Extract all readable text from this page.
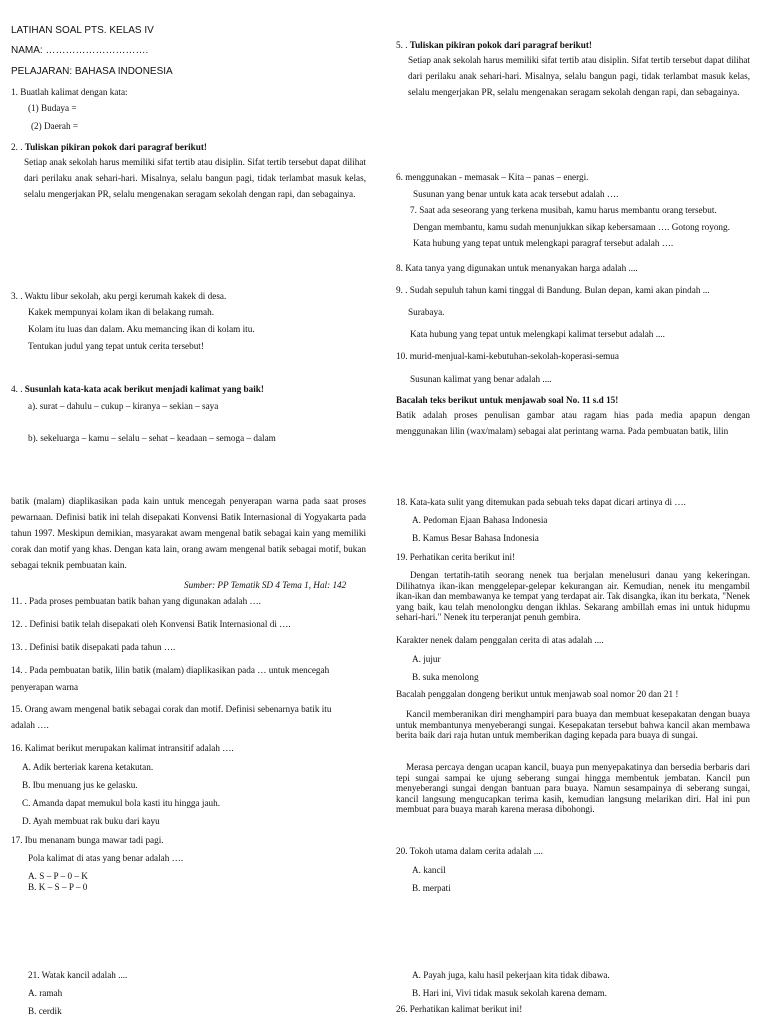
LATIHAN SOAL PTS. KELAS IV
NAMA: ………………………….
PELAJARAN: BAHASA INDONESIA
1. Buatlah kalimat dengan kata:
(1) Budaya =
(2) Daerah =
2. . Tuliskan pikiran pokok dari paragraf berikut!
Setiap anak sekolah harus memiliki sifat tertib atau disiplin. Sifat tertib tersebut dapat dilihat dari perilaku anak sehari-hari. Misalnya, selalu bangun pagi, tidak terlambat masuk kelas, selalu mengerjakan PR, selalu mengenakan seragam sekolah dengan rapi, dan sebagainya.
3. . Waktu libur sekolah, aku pergi kerumah kakek di desa.
Kakek mempunyai kolam ikan di belakang rumah.
Kolam itu luas dan dalam. Aku memancing ikan di kolam itu.
Tentukan judul yang tepat untuk cerita tersebut!
4. . Susunlah kata-kata acak berikut menjadi kalimat yang baik!
a). surat – dahulu – cukup – kiranya – sekian – saya
b). sekeluarga – kamu – selalu – sehat – keadaan – semoga – dalam
5. . Tuliskan pikiran pokok dari paragraf berikut!
Setiap anak sekolah harus memiliki sifat tertib atau disiplin. Sifat tertib tersebut dapat dilihat dari perilaku anak sehari-hari. Misalnya, selalu bangun pagi, tidak terlambat masuk kelas, selalu mengerjakan PR, selalu mengenakan seragam sekolah dengan rapi, dan sebagainya.
6. menggunakan - memasak – Kita – panas – energi.
Susunan yang benar untuk kata acak tersebut adalah ….
7. Saat ada seseorang yang terkena musibah, kamu harus membantu orang tersebut.
Dengan membantu, kamu sudah menunjukkan sikap kebersamaan …. Gotong royong.
Kata hubung yang tepat untuk melengkapi paragraf tersebut adalah ….
8. Kata tanya yang digunakan untuk menanyakan harga adalah ....
9. . Sudah sepuluh tahun kami tinggal di Bandung. Bulan depan, kami akan pindah ...
Surabaya.
Kata hubung yang tepat untuk melengkapi kalimat tersebut adalah ....
10. murid-menjual-kami-kebutuhan-sekolah-koperasi-semua
Susunan kalimat yang benar adalah ....
Bacalah teks berikut untuk menjawab soal No. 11 s.d 15!
Batik adalah proses penulisan gambar atau ragam hias pada media apapun dengan menggunakan lilin (wax/malam) sebagai alat perintang warna. Pada pembuatan batik, lilin
batik (malam) diaplikasikan pada kain untuk mencegah penyerapan warna pada saat proses pewarnaan. Definisi batik ini telah disepakati Konvensi Batik Internasional di Yogyakarta pada tahun 1997. Meskipun demikian, masyarakat awam mengenal batik sebagai kain yang memiliki corak dan motif yang khas. Dengan kata lain, orang awam mengenal batik sebagai motif, bukan sebagai teknik pembuatan kain.
Sumber: PP Tematik SD 4 Tema 1, Hal: 142
11. . Pada proses pembuatan batik bahan yang digunakan adalah ….
12. . Definisi batik telah disepakati oleh Konvensi Batik Internasional di ….
13. . Definisi batik disepakati pada tahun ….
14. . Pada pembuatan batik, lilin batik (malam) diaplikasikan pada … untuk mencegah
penyerapan warna
15. Orang awam mengenal batik sebagai corak dan motif. Definisi sebenarnya batik itu
adalah ….
16. Kalimat berikut merupakan kalimat intransitif adalah ….
A. Adik berteriak karena ketakutan.
B. Ibu menuang jus ke gelasku.
C. Amanda dapat memukul bola kasti itu hingga jauh.
D. Ayah membuat rak buku dari kayu
17. Ibu menanam bunga mawar tadi pagi.
Pola kalimat di atas yang benar adalah ….
A. S – P – 0 – K
B. K – S – P – 0
21. Watak kancil adalah ....
A. ramah
B. cerdik
18. Kata-kata sulit yang ditemukan pada sebuah teks dapat dicari artinya di ….
A. Pedoman Ejaan Bahasa Indonesia
B. Kamus Besar Bahasa Indonesia
19. Perhatikan cerita berikut ini!
Dengan tertatih-tatih seorang nenek tua berjalan menelusuri danau yang kekeringan. Dilihatnya ikan-ikan menggelepar-gelepar kekurangan air. Kemudian, nenek itu mengambil ikan-ikan dan membawanya ke tempat yang terdapat air. Tak disangka, ikan itu berkata, "Nenek yang baik, kau telah menolongku dengan ikhlas. Sekarang ambillah emas ini untuk hidupmu sehari-hari." Nenek itu terperanjat penuh gembira.
Karakter nenek dalam penggalan cerita di atas adalah ....
A. jujur
B. suka menolong
Bacalah penggalan dongeng berikut untuk menjawab soal nomor 20 dan 21 !
Kancil memberanikan diri menghampiri para buaya dan membuat kesepakatan dengan buaya untuk membantunya menyeberangi sungai. Kesepakatan tersebut bahwa kancil akan membawa berita baik dari raja hutan untuk memberikan daging kepada para buaya di sungai.
Merasa percaya dengan ucapan kancil, buaya pun menyepakatinya dan bersedia berbaris dari tepi sungai sampai ke ujung seberang sungai hingga membentuk jembatan. Kancil pun menyeberangi sungai dengan bantuan para buaya. Namun sesampainya di seberang sungai, kancil langsung mengucapkan terima kasih, kemudian langsung melarikan diri. Hal ini pun membuat para buaya marah karena merasa dibohongi.
20. Tokoh utama dalam cerita adalah ....
A. kancil
B. merpati
A. Payah juga, kalu hasil pekerjaan kita tidak dibawa.
B. Hari ini, Vivi tidak masuk sekolah karena demam.
26. Perhatikan kalimat berikut ini!
